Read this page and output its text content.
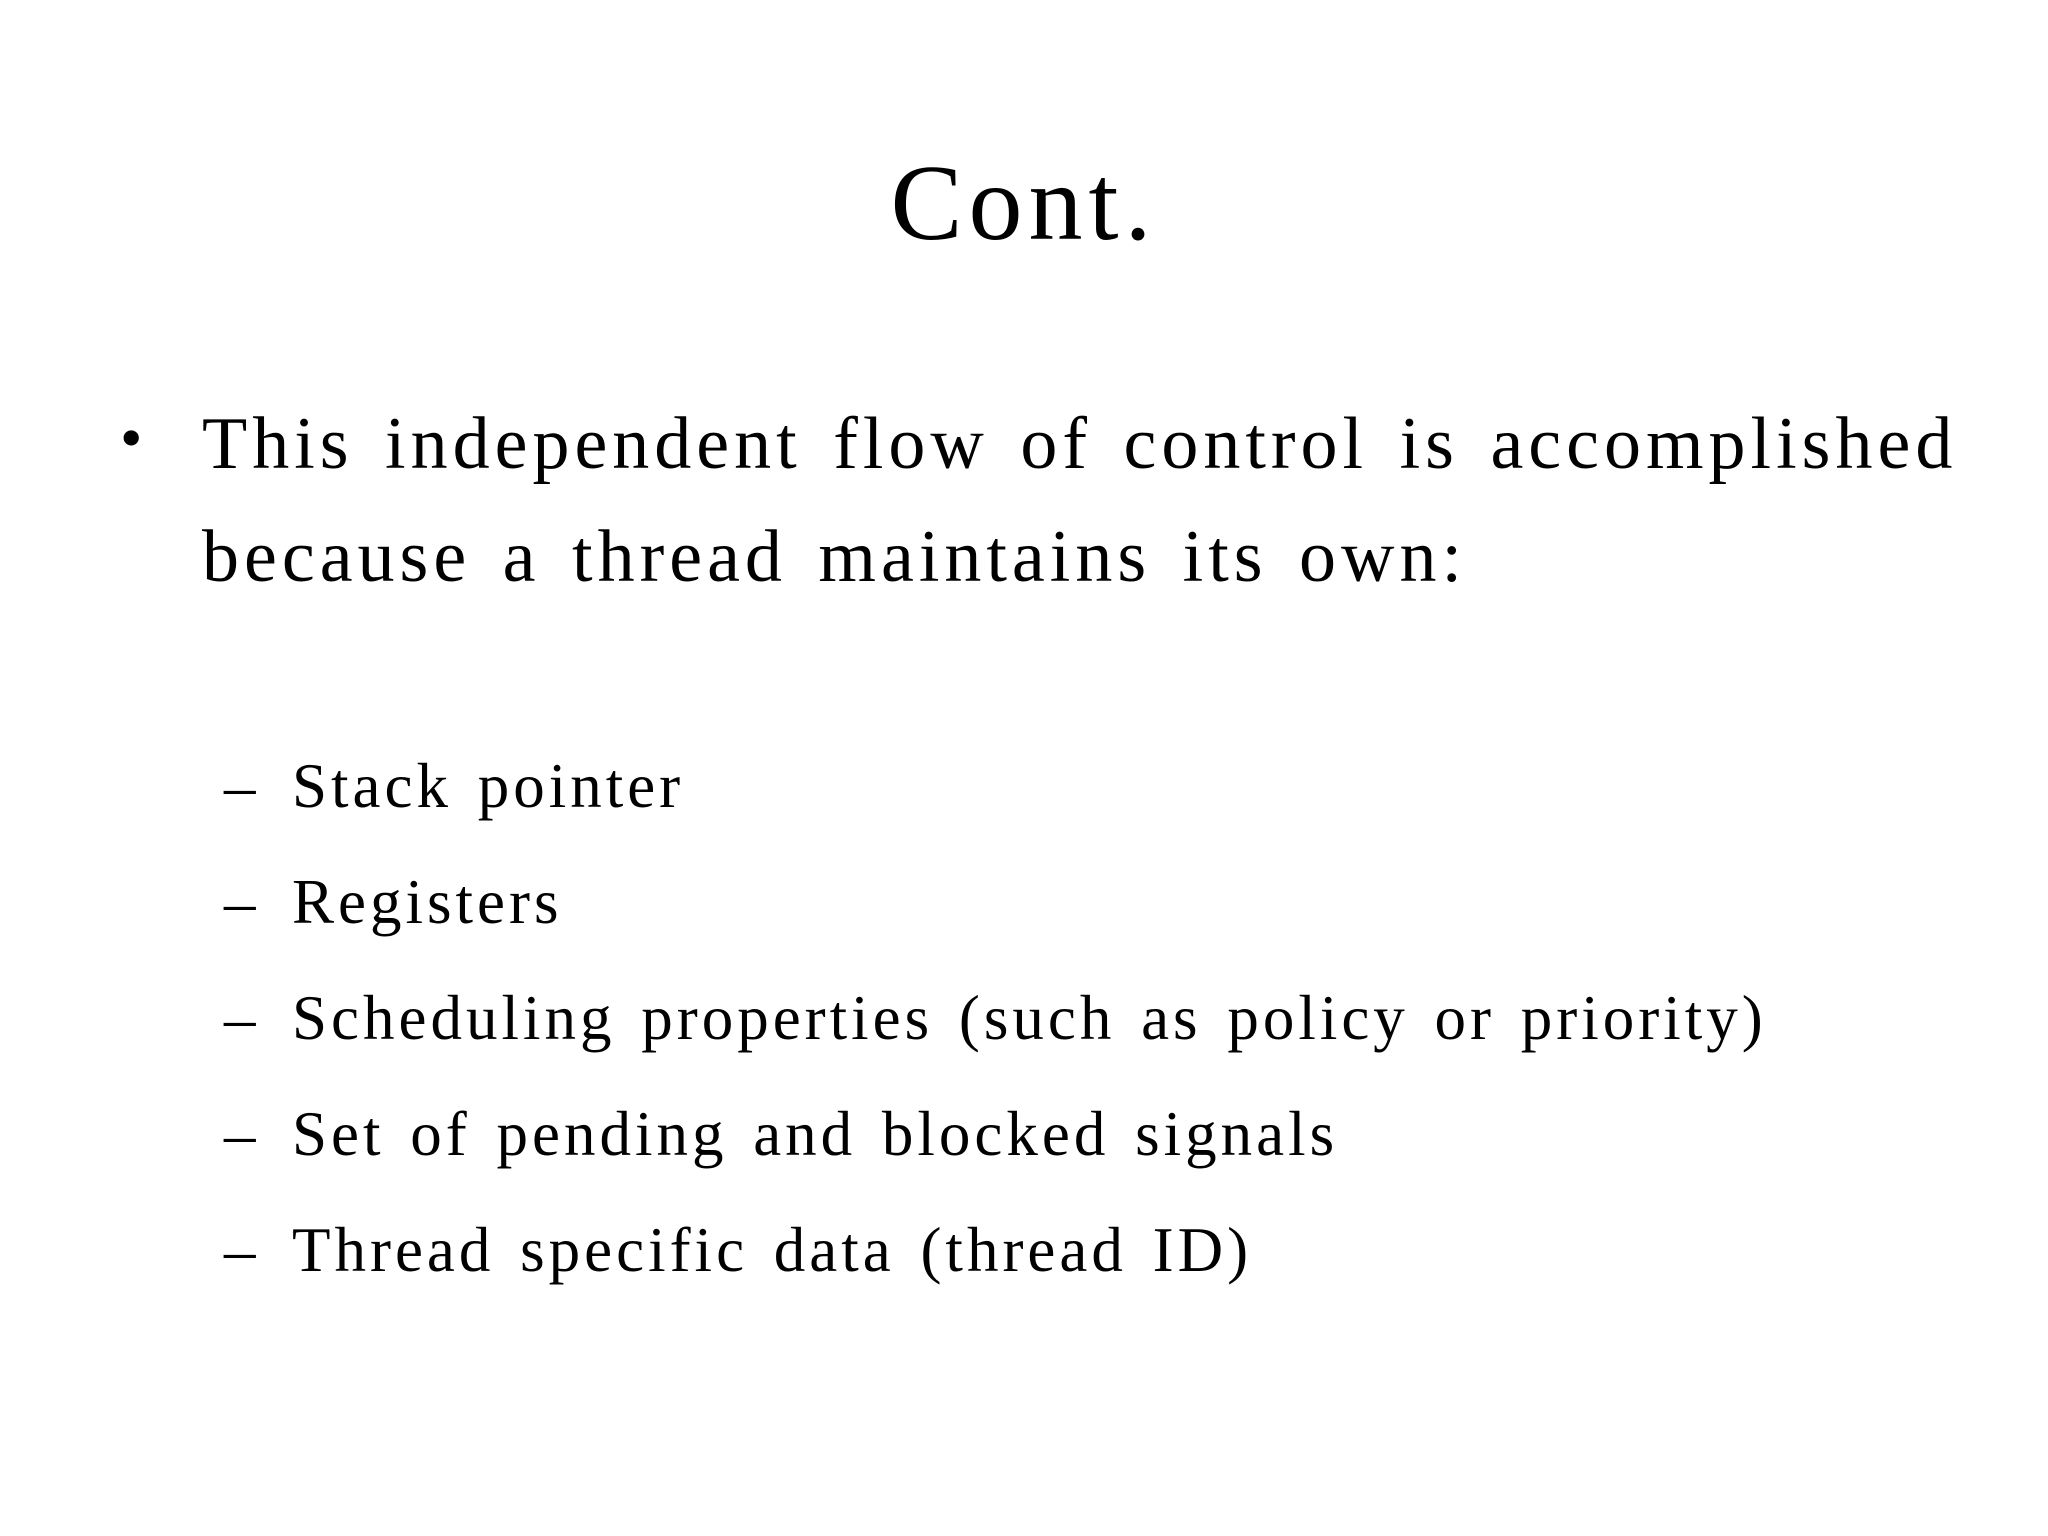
Cont.
• This independent flow of control is accomplished because a thread maintains its own:
– Stack pointer
– Registers
– Scheduling properties (such as policy or priority)
– Set of pending and blocked signals
– Thread specific data (thread ID)
